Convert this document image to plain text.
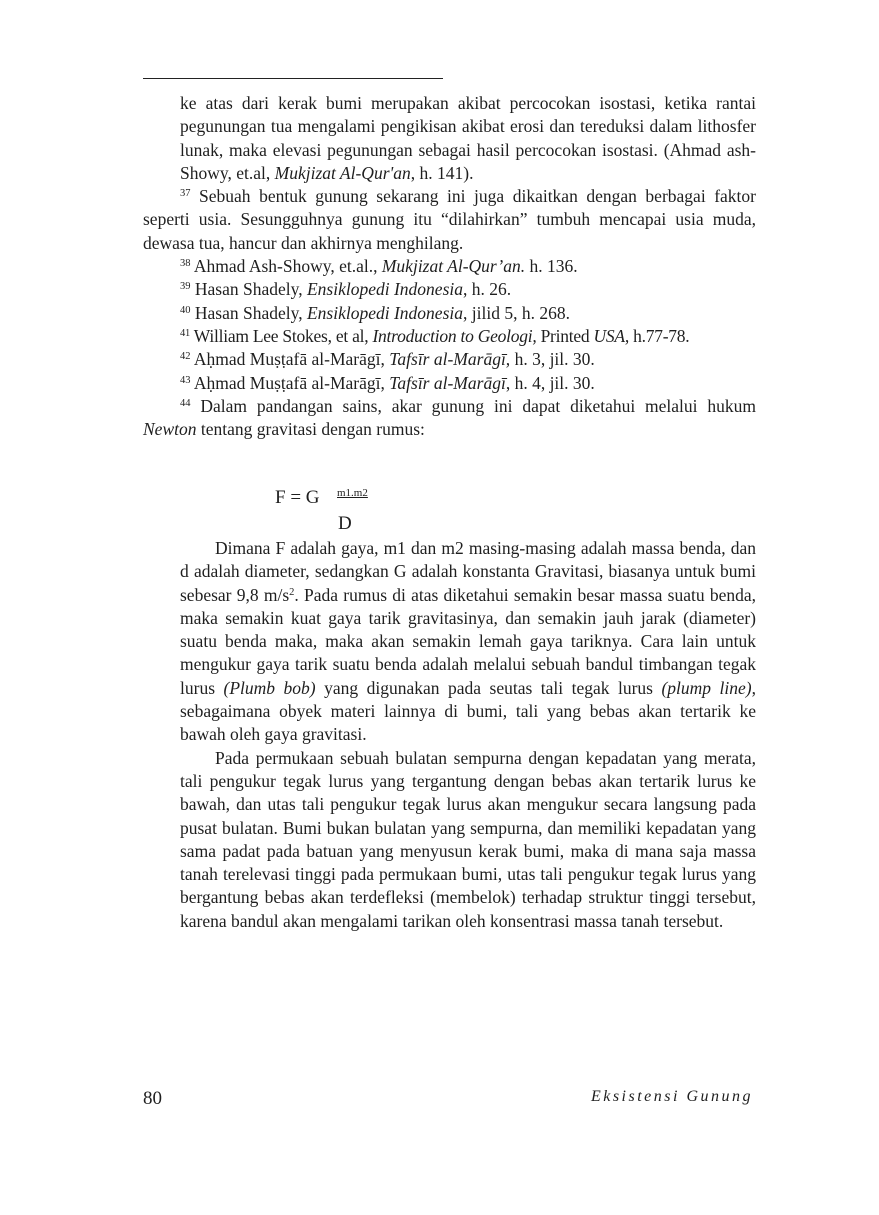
ke atas dari kerak bumi merupakan akibat percocokan isostasi, ketika rantai pegunungan tua mengalami pengikisan akibat erosi dan tereduksi dalam lithosfer lunak, maka elevasi pegunungan sebagai hasil percocokan isostasi. (Ahmad ash-Showy, et.al, Mukjizat Al-Qur'an, h. 141).

$^{37}$ Sebuah bentuk gunung sekarang ini juga dikaitkan dengan berbagai faktor seperti usia. Sesungguhnya gunung itu “dilahirkan” tumbuh mencapai usia muda, dewasa tua, hancur dan akhirnya menghilang.

$^{38}$ Ahmad Ash-Showy, et.al., Mukjizat Al-Qur’an. h. 136.

$^{39}$ Hasan Shadely, Ensiklopedi Indonesia, h. 26.

$^{40}$ Hasan Shadely, Ensiklopedi Indonesia, jilid 5, h. 268.

$^{41}$ William Lee Stokes, et al, Introduction to Geologi, Printed USA, h.77-78.

$^{42}$ Aḥmad Muṣṭafā al-Marāgī, Tafsīr al-Marāgī, h. 3, jil. 30.

$^{43}$ Aḥmad Muṣṭafā al-Marāgī, Tafsīr al-Marāgī, h. 4, jil. 30.

$^{44}$ Dalam pandangan sains, akar gunung ini dapat diketahui melalui hukum Newton tentang gravitasi dengan rumus:

F = G m1.m2
D

Dimana F adalah gaya, m1 dan m2 masing-masing adalah massa benda, dan d adalah diameter, sedangkan G adalah konstanta Gravitasi, biasanya untuk bumi sebesar 9,8 $m/s^2$. Pada rumus di atas diketahui semakin besar massa suatu benda, maka semakin kuat gaya tarik gravitasinya, dan semakin jauh jarak (diameter) suatu benda maka, maka akan semakin lemah gaya tariknya. Cara lain untuk mengukur gaya tarik suatu benda adalah melalui sebuah bandul timbangan tegak lurus (Plumb bob) yang digunakan pada seutas tali tegak lurus (plump line), sebagaimana obyek materi lainnya di bumi, tali yang bebas akan tertarik ke bawah oleh gaya gravitasi.

Pada permukaan sebuah bulatan sempurna dengan kepadatan yang merata, tali pengukur tegak lurus yang tergantung dengan bebas akan tertarik lurus ke bawah, dan utas tali pengukur tegak lurus akan mengukur secara langsung pada pusat bulatan. Bumi bukan bulatan yang sempurna, dan memiliki kepadatan yang sama padat pada batuan yang menyusun kerak bumi, maka di mana saja massa tanah terelevasi tinggi pada permukaan bumi, utas tali pengukur tegak lurus yang bergantung bebas akan terdefleksi (membelok) terhadap struktur tinggi tersebut, karena bandul akan mengalami tarikan oleh konsentrasi massa tanah tersebut.

80	Eksistensi Gunung
